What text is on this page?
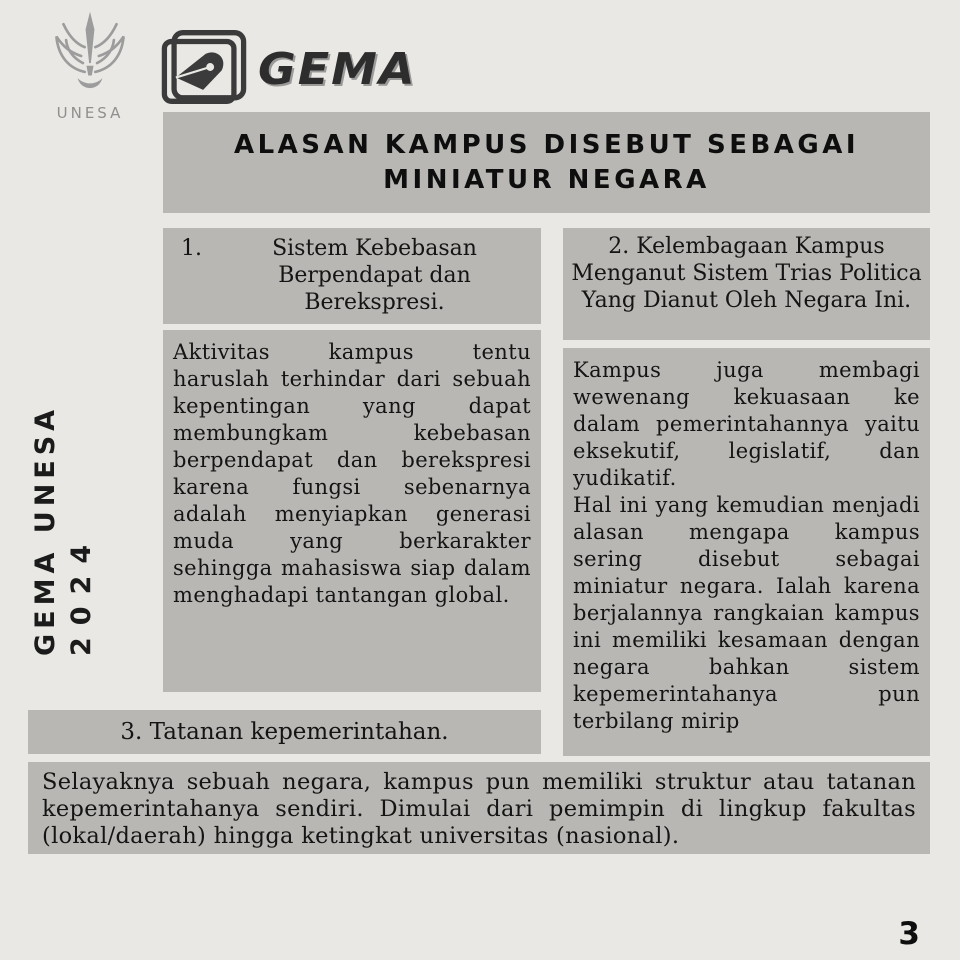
UNESA
GEMA
GEMA UNESA 2024
ALASAN KAMPUS DISEBUT SEBAGAI
MINIATUR NEGARA
1.	Sistem Kebebasan Berpendapat dan Berekspresi.
Aktivitas kampus tentu haruslah terhindar dari sebuah kepentingan yang dapat membungkam kebebasan berpendapat dan berekspresi karena fungsi sebenarnya adalah menyiapkan generasi muda yang berkarakter sehingga mahasiswa siap dalam menghadapi tantangan global.
2. Kelembagaan Kampus Menganut Sistem Trias Politica Yang Dianut Oleh Negara Ini.

Kampus juga membagi wewenang kekuasaan ke dalam pemerintahannya yaitu eksekutif, legislatif, dan yudikatif.

Hal ini yang kemudian menjadi alasan mengapa kampus sering disebut sebagai miniatur negara. Ialah karena berjalannya rangkaian kampus ini memiliki kesamaan dengan negara bahkan sistem kepemerintahanya pun terbilang mirip

3. Tatanan kepemerintahan.
Selayaknya sebuah negara, kampus pun memiliki struktur atau tatanan kepemerintahanya sendiri. Dimulai dari pemimpin di lingkup fakultas (lokal/daerah) hingga ketingkat universitas (nasional).
3
